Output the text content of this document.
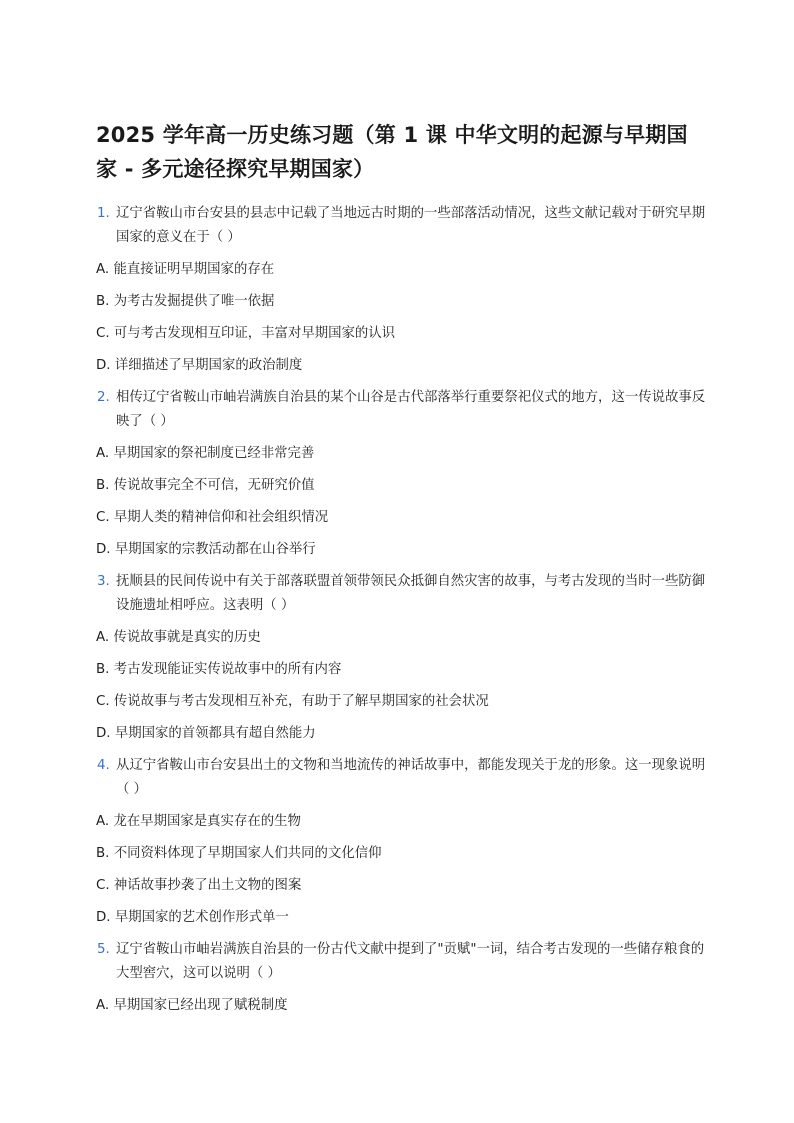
2025 学年高一历史练习题（第 1 课 中华文明的起源与早期国家 - 多元途径探究早期国家）
1. 辽宁省鞍山市台安县的县志中记载了当地远古时期的一些部落活动情况，这些文献记载对于研究早期国家的意义在于（ ）
A. 能直接证明早期国家的存在
B. 为考古发掘提供了唯一依据
C. 可与考古发现相互印证，丰富对早期国家的认识
D. 详细描述了早期国家的政治制度
2. 相传辽宁省鞍山市岫岩满族自治县的某个山谷是古代部落举行重要祭祀仪式的地方，这一传说故事反映了（ ）
A. 早期国家的祭祀制度已经非常完善
B. 传说故事完全不可信，无研究价值
C. 早期人类的精神信仰和社会组织情况
D. 早期国家的宗教活动都在山谷举行
3. 抚顺县的民间传说中有关于部落联盟首领带领民众抵御自然灾害的故事，与考古发现的当时一些防御设施遗址相呼应。这表明（ ）
A. 传说故事就是真实的历史
B. 考古发现能证实传说故事中的所有内容
C. 传说故事与考古发现相互补充，有助于了解早期国家的社会状况
D. 早期国家的首领都具有超自然能力
4. 从辽宁省鞍山市台安县出土的文物和当地流传的神话故事中，都能发现关于龙的形象。这一现象说明（ ）
A. 龙在早期国家是真实存在的生物
B. 不同资料体现了早期国家人们共同的文化信仰
C. 神话故事抄袭了出土文物的图案
D. 早期国家的艺术创作形式单一
5. 辽宁省鞍山市岫岩满族自治县的一份古代文献中提到了"贡赋"一词，结合考古发现的一些储存粮食的大型窖穴，这可以说明（ ）
A. 早期国家已经出现了赋税制度
